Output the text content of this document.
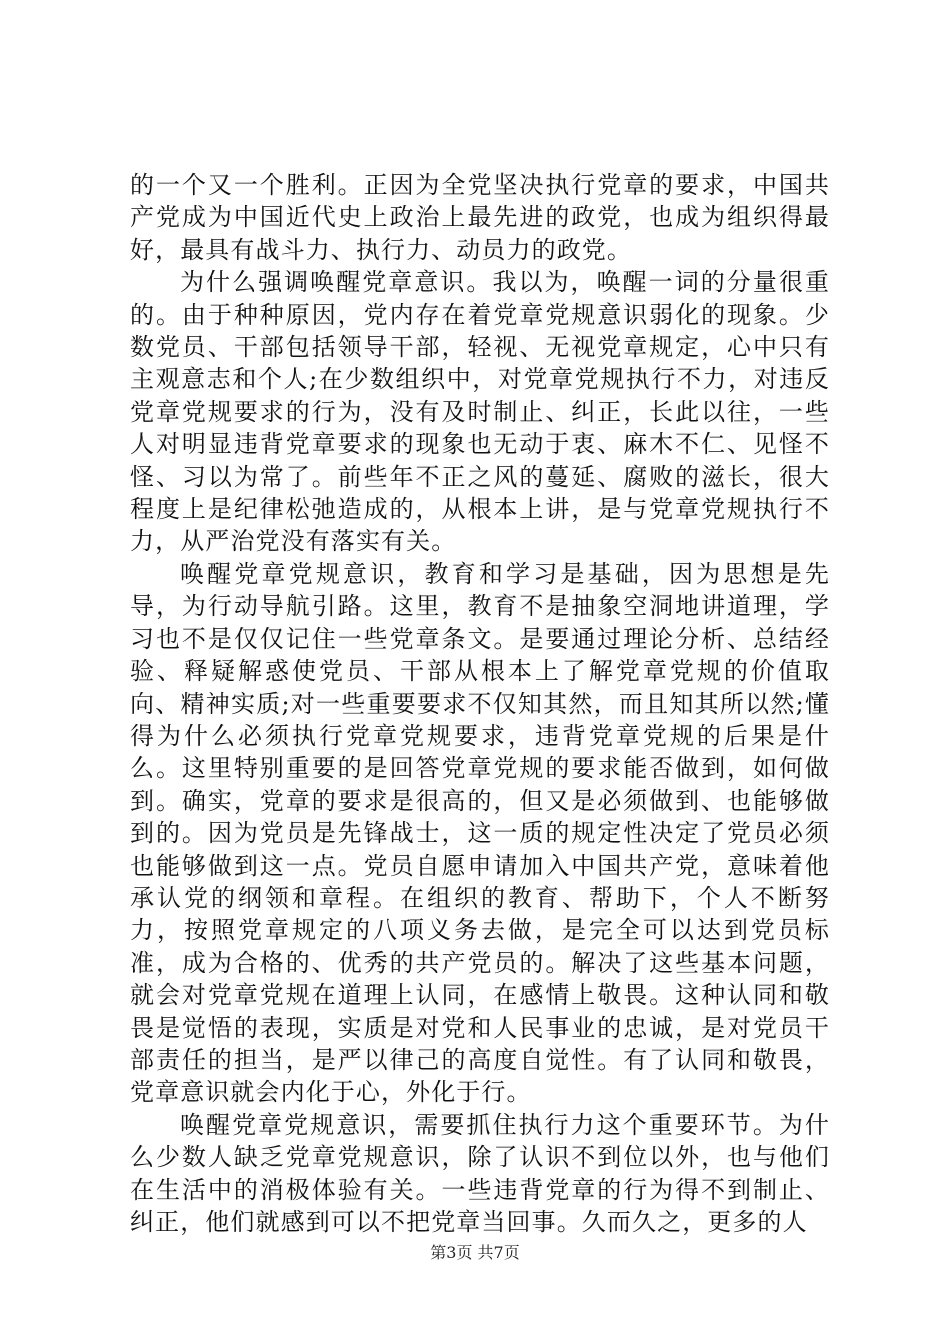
的一个又一个胜利。正因为全党坚决执行党章的要求，中国共产党成为中国近代史上政治上最先进的政党，也成为组织得最好，最具有战斗力、执行力、动员力的政党。

为什么强调唤醒党章意识。我以为，唤醒一词的分量很重的。由于种种原因，党内存在着党章党规意识弱化的现象。少数党员、干部包括领导干部，轻视、无视党章规定，心中只有主观意志和个人;在少数组织中，对党章党规执行不力，对违反党章党规要求的行为，没有及时制止、纠正，长此以往，一些人对明显违背党章要求的现象也无动于衷、麻木不仁、见怪不怪、习以为常了。前些年不正之风的蔓延、腐败的滋长，很大程度上是纪律松弛造成的，从根本上讲，是与党章党规执行不力，从严治党没有落实有关。

唤醒党章党规意识，教育和学习是基础，因为思想是先导，为行动导航引路。这里，教育不是抽象空洞地讲道理，学习也不是仅仅记住一些党章条文。是要通过理论分析、总结经验、释疑解惑使党员、干部从根本上了解党章党规的价值取向、精神实质;对一些重要要求不仅知其然，而且知其所以然;懂得为什么必须执行党章党规要求，违背党章党规的后果是什么。这里特别重要的是回答党章党规的要求能否做到，如何做到。确实，党章的要求是很高的，但又是必须做到、也能够做到的。因为党员是先锋战士，这一质的规定性决定了党员必须也能够做到这一点。党员自愿申请加入中国共产党，意味着他承认党的纲领和章程。在组织的教育、帮助下，个人不断努力，按照党章规定的八项义务去做，是完全可以达到党员标准，成为合格的、优秀的共产党员的。解决了这些基本问题，就会对党章党规在道理上认同，在感情上敬畏。这种认同和敬畏是觉悟的表现，实质是对党和人民事业的忠诚，是对党员干部责任的担当，是严以律己的高度自觉性。有了认同和敬畏，党章意识就会内化于心，外化于行。

唤醒党章党规意识，需要抓住执行力这个重要环节。为什么少数人缺乏党章党规意识，除了认识不到位以外，也与他们在生活中的消极体验有关。一些违背党章的行为得不到制止、纠正，他们就感到可以不把党章当回事。久而久之，更多的人

第3页 共7页
